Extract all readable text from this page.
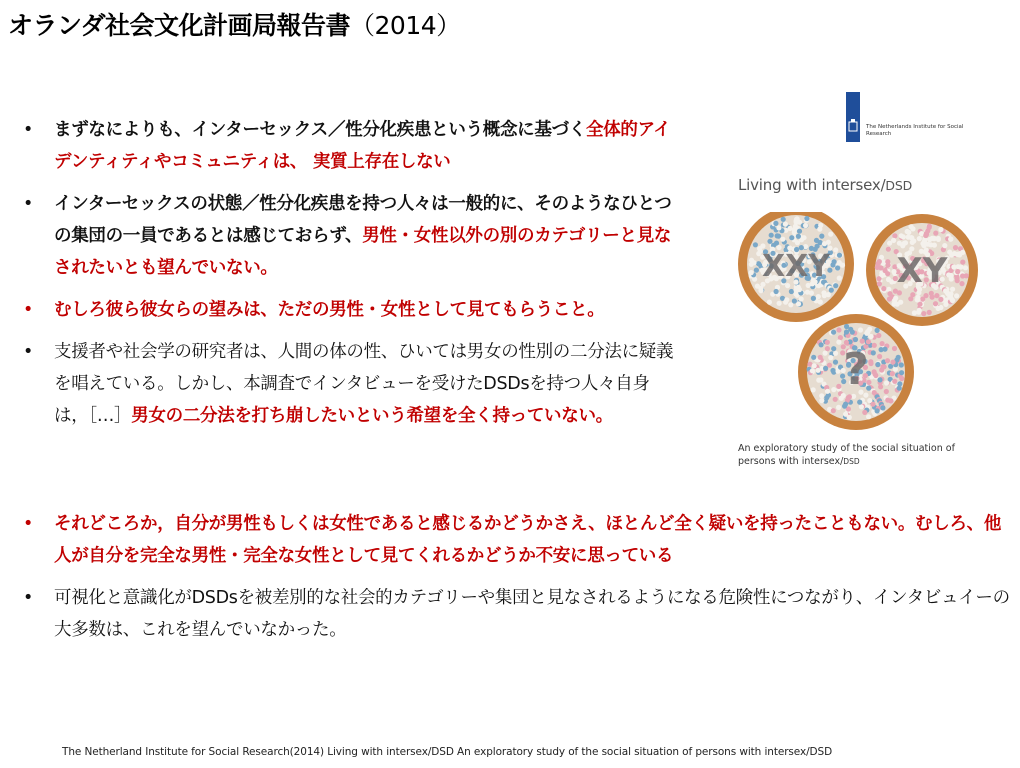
オランダ社会文化計画局報告書（2014）
• まずなによりも、インターセックス／性分化疾患という概念に基づく全体的アイデンティティやコミュニティは、 実質上存在しない
• インターセックスの状態／性分化疾患を持つ人々は一般的に、そのようなひとつの集団の一員であるとは感じておらず、男性・女性以外の別のカテゴリーと見なされたいとも望んでいない。
• むしろ彼ら彼女らの望みは、ただの男性・女性として見てもらうこと。
• 支援者や社会学の研究者は、人間の体の性、ひいては男女の性別の二分法に疑義を唱えている。しかし、本調査でインタビューを受けたDSDsを持つ人々自身は，［…］男女の二分法を打ち崩したいという希望を全く持っていない。
The Netherlands Institute for Social Research
Living with intersex/DSD
XXY XY
?
An exploratory study of the social situation of persons with intersex/DSD
• それどころか，自分が男性もしくは女性であると感じるかどうかさえ、ほとんど全く疑いを持ったこともない。むしろ、他人が自分を完全な男性・完全な女性として見てくれるかどうか不安に思っている
• 可視化と意識化がDSDsを被差別的な社会的カテゴリーや集団と見なされるようになる危険性につながり、インタビュイーの大多数は、これを望んでいなかった。
The Netherland Institute for Social Research(2014) Living with intersex/DSD An exploratory study of the social situation of persons with intersex/DSD
